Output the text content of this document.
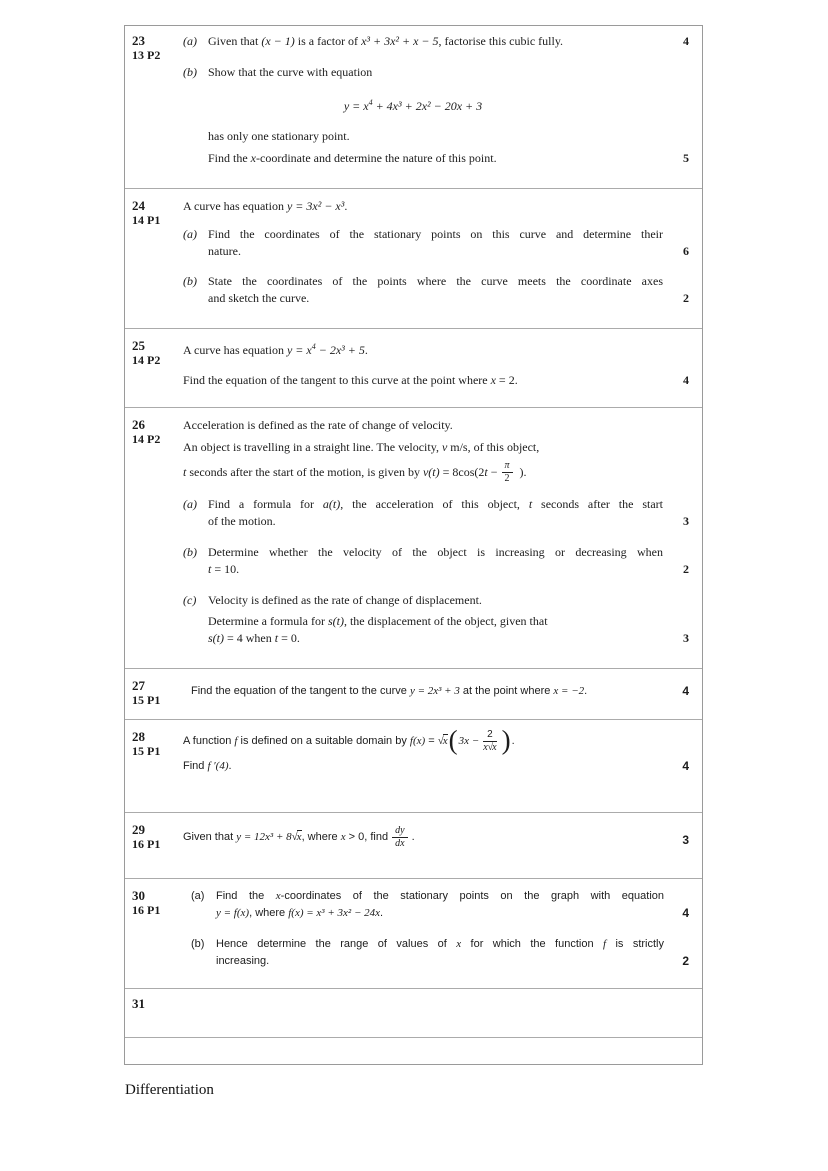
23
13 P2
(a) Given that (x − 1) is a factor of x³ + 3x² + x − 5, factorise this cubic fully.	4
(b) Show that the curve with equation
$y = x^4 + 4x^3 + 2x^2 - 20x + 3$
has only one stationary point.
Find the x-coordinate and determine the nature of this point.	5
24
14 P1
A curve has equation y = 3x² − x³.
(a) Find the coordinates of the stationary points on this curve and determine their
nature.	6
(b) State the coordinates of the points where the curve meets the coordinate axes
and sketch the curve.	2
25
14 P2
A curve has equation $y = x^4 - 2x^3 + 5$.
Find the equation of the tangent to this curve at the point where x = 2.	4
26
14 P2
Acceleration is defined as the rate of change of velocity.
An object is travelling in a straight line. The velocity, v m/s, of this object,
t seconds after the start of the motion, is given by $v(t) = 8\cos(2t - \frac{\pi}{2}$ ).
(a) Find a formula for a(t), the acceleration of this object, t seconds after the start
of the motion.	3
(b) Determine whether the velocity of the object is increasing or decreasing when
t = 10.	2
(c) Velocity is defined as the rate of change of displacement.
Determine a formula for s(t), the displacement of the object, given that
s(t) = 4 when t = 0.	3
27
15 P1
Find the equation of the tangent to the curve y = 2x³ + 3 at the point where x = −2.	4
28
15 P1
A function f is defined on a suitable domain by f(x) = √x ( $3x - \frac{2}{x√x}$ ) .
Find f ′(4).	4
29
16 P1
Given that y = 12x³ + 8√x, where x > 0, find $\frac{dy}{dx}$ .	3
30
16 P1
(a)	Find the x-coordinates of the stationary points on the graph with equation
y = f(x), where f(x) = x³ + 3x² − 24x.	4
(b)	Hence determine the range of values of x for which the function f is strictly
increasing.	2
31
Differentiation
